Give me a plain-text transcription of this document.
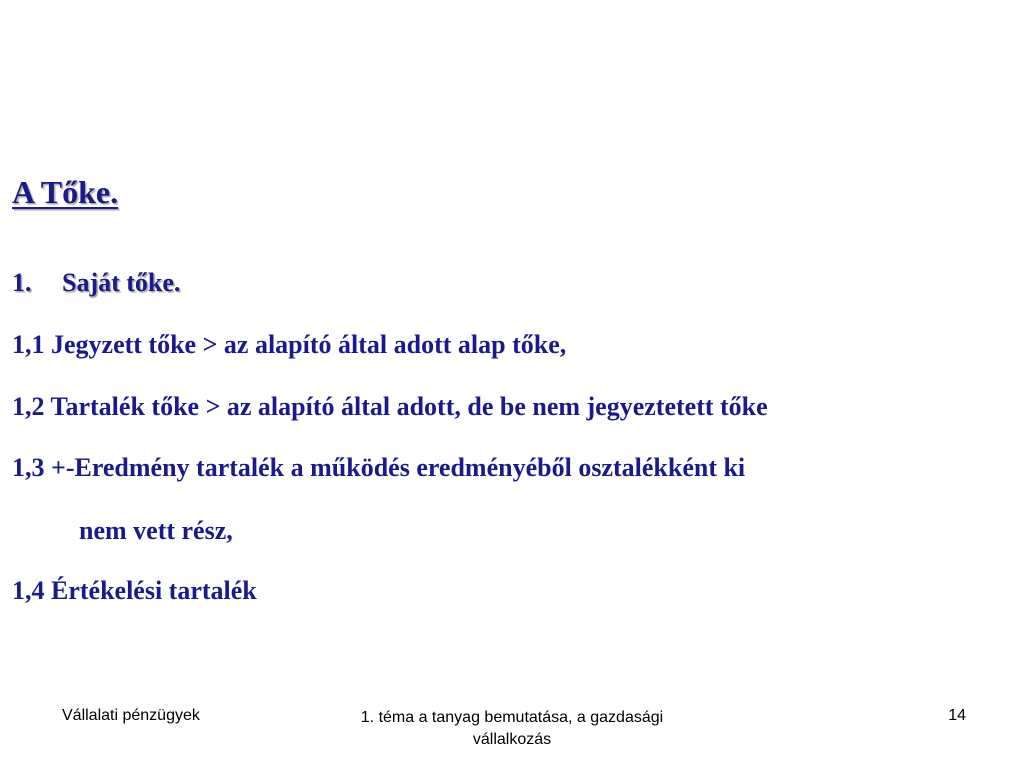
A Tőke.
1. Saját tőke.
1,1 Jegyzett tőke > az alapító által adott alap tőke,
1,2 Tartalék tőke > az alapító által adott, de be nem jegyeztetett tőke
1,3 +-Eredmény tartalék a működés eredményéből osztalékként ki
nem vett rész,
1,4 Értékelési tartalék
Vállalati pénzügyek	1. téma a tanyag bemutatása, a gazdasági vállalkozás
14
